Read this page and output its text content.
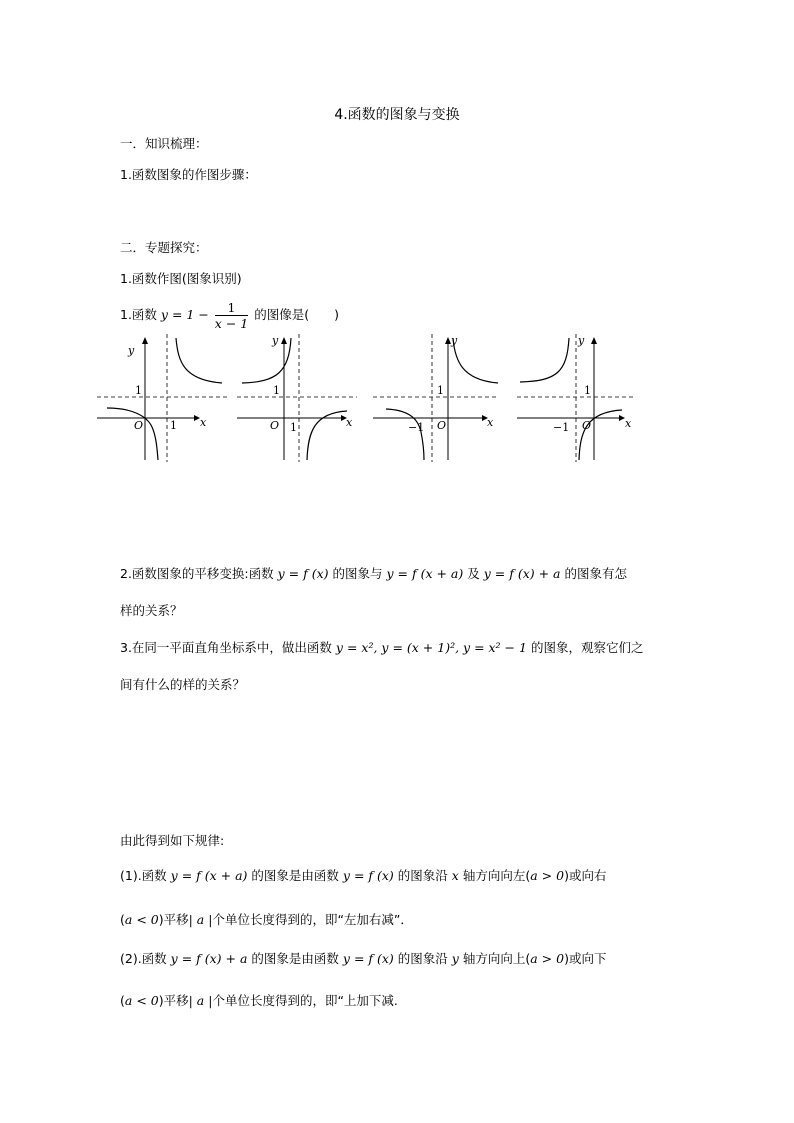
4.函数的图象与变换
一．知识梳理：
1.函数图象的作图步骤：
二．专题探究：
1.函数作图(图象识别)
1.函数 $y = 1 - \frac{1}{x - 1}$ 的图像是(　　)
y
x
O
1
1
y
x
O
1
1
y
x
O
1
−1
y
x
O
1
−1
2.函数图象的平移变换:函数 y = f (x) 的图象与 y = f (x + a) 及 y = f (x) + a 的图象有怎
样的关系？
3.在同一平面直角坐标系中，做出函数 y = x², y = (x + 1)², y = x² − 1 的图象，观察它们之
间有什么的样的关系？
由此得到如下规律:
(1).函数 y = f (x + a) 的图象是由函数 y = f (x) 的图象沿 x 轴方向向左(a > 0)或向右
(a < 0)平移| a |个单位长度得到的，即“左加右减”．
(2).函数 y = f (x) + a 的图象是由函数 y = f (x) 的图象沿 y 轴方向向上(a > 0)或向下
(a < 0)平移| a |个单位长度得到的，即“上加下减.
